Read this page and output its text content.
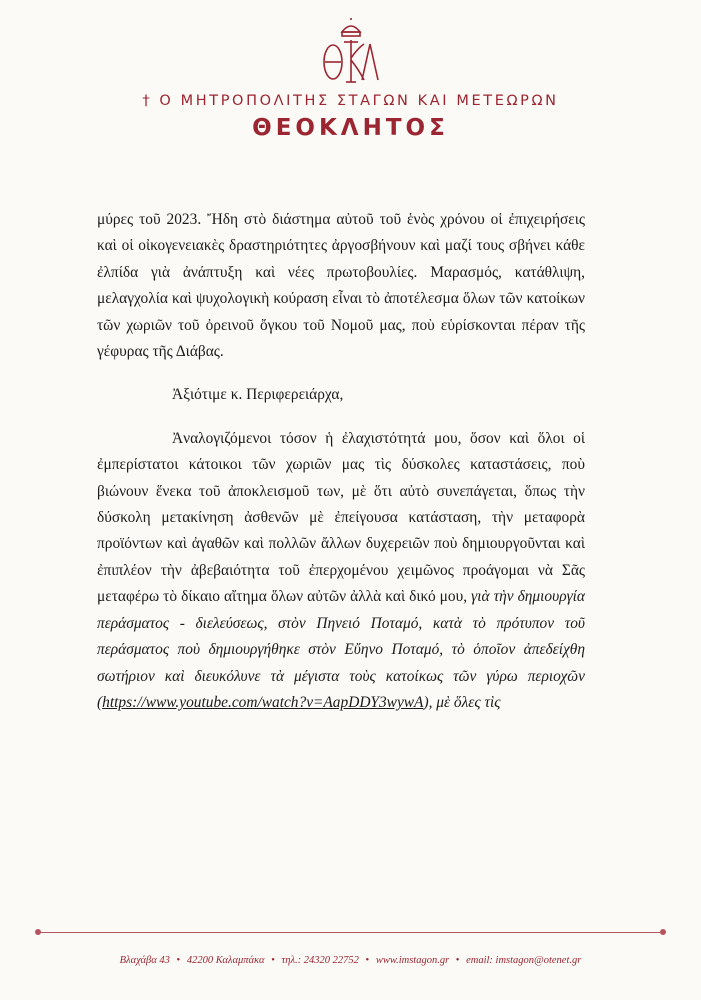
† Ο ΜΗΤΡΟΠΟΛΙΤΗΣ ΣΤΑΓΩΝ ΚΑΙ ΜΕΤΕΩΡΩΝ
ΘΕΟΚΛΗΤΟΣ

μύρες τοῦ 2023. Ἤδη στὸ διάστημα αὐτοῦ τοῦ ἑνὸς χρόνου οἱ ἐπιχειρήσεις καὶ οἱ οἰκογενειακὲς δραστηριότητες ἀργοσβήνουν καὶ μαζί τους σβήνει κάθε ἐλπίδα γιὰ ἀνάπτυξη καὶ νέες πρωτοβουλίες. Μαρασμός, κατάθλιψη, μελαγχολία καὶ ψυχολογικὴ κούραση εἶναι τὸ ἀποτέλεσμα ὅλων τῶν κατοίκων τῶν χωριῶν τοῦ ὀρεινοῦ ὄγκου τοῦ Νομοῦ μας, ποὺ εὑρίσκονται πέραν τῆς γέφυρας τῆς Διάβας.

Ἀξιότιμε κ. Περιφερειάρχα,

Ἀναλογιζόμενοι τόσον ἡ ἐλαχιστότητά μου, ὅσον καὶ ὅλοι οἱ ἐμπερίστατοι κάτοικοι τῶν χωριῶν μας τὶς δύσκολες καταστάσεις, ποὺ βιώνουν ἕνεκα τοῦ ἀποκλεισμοῦ των, μὲ ὅτι αὐτὸ συνεπάγεται, ὅπως τὴν δύσκολη μετακίνηση ἀσθενῶν μὲ ἐπείγουσα κατάσταση, τὴν μεταφορὰ προϊόντων καὶ ἀγαθῶν καὶ πολλῶν ἄλλων δυχερειῶν ποὺ δημιουργοῦνται καὶ ἐπιπλέον τὴν ἀβεβαιότητα τοῦ ἐπερχομένου χειμῶνος προάγομαι νὰ Σᾶς μεταφέρω τὸ δίκαιο αἴτημα ὅλων αὐτῶν ἀλλὰ καὶ δικό μου, γιὰ τὴν δημιουργία περάσματος - διελεύσεως, στὸν Πηνειό Ποταμό, κατὰ τὸ πρότυπον τοῦ περάσματος ποὺ δημιουργήθηκε στὸν Εὔηνο Ποταμό, τὸ ὁποῖον ἀπεδείχθη σωτήριον καὶ διευκόλυνε τὰ μέγιστα τοὺς κατοίκως τῶν γύρω περιοχῶν (https://www.youtube.com/watch?v=AapDDY3wywA), μὲ ὅλες τὶς

Βλαχάβα 43 • 42200 Καλαμπάκα • τηλ.: 24320 22752 • www.imstagon.gr • email: imstagon@otenet.gr
